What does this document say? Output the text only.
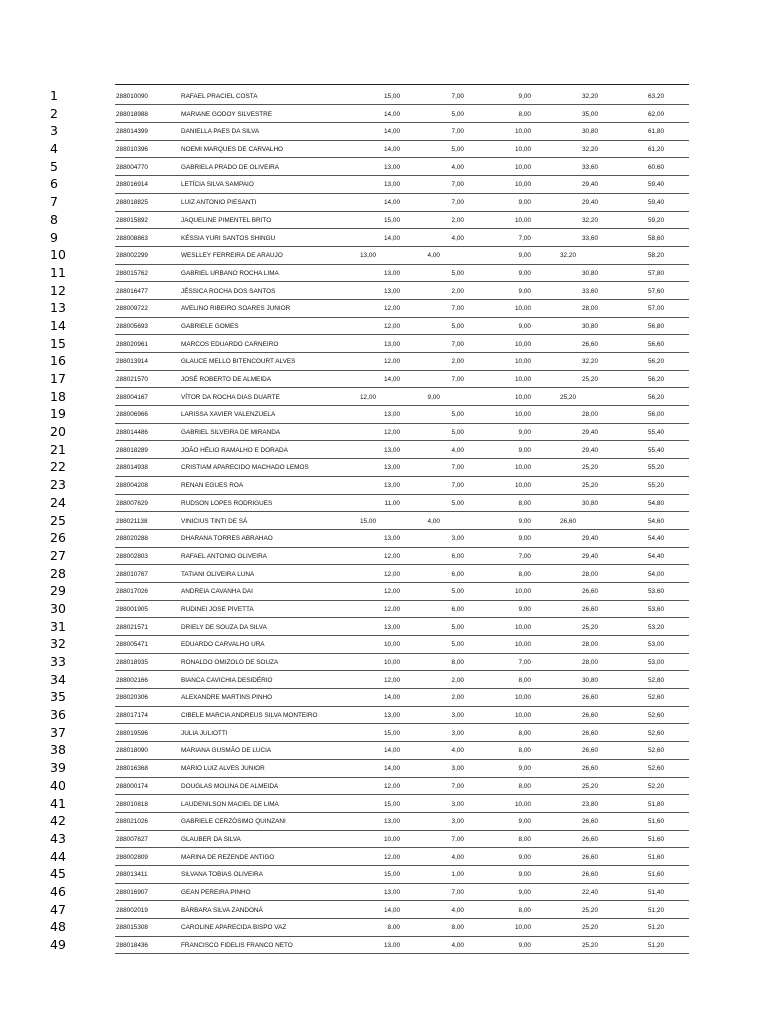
1	288010090	RAFAEL PRACIEL COSTA	15,00	7,00	9,00	32,20	63,20
2	288018988	MARIANE GODOY SILVESTRE	14,00	5,00	8,00	35,00	62,00
3	288014399	DANIELLA PAES DA SILVA	14,00	7,00	10,00	30,80	61,80
4	288010396	NOEMI MARQUES DE CARVALHO	14,00	5,00	10,00	32,20	61,20
5	288004770	GABRIELA PRADO DE OLIVEIRA	13,00	4,00	10,00	33,60	60,60
6	288016914	LETÍCIA SILVA SAMPAIO	13,00	7,00	10,00	29,40	59,40
7	288018825	LUIZ ANTONIO PIESANTI	14,00	7,00	9,00	29,40	59,40
8	288015892	JAQUELINE PIMENTEL BRITO	15,00	2,00	10,00	32,20	59,20
9	288008863	KÉSSIA YURI SANTOS SHINGU	14,00	4,00	7,00	33,60	58,60
10	288002299	WESLLEY FERREIRA DE ARAUJO	13,00	4,00	9,00	32,20	58,20
11	288015762	GABRIEL URBANO ROCHA LIMA	13,00	5,00	9,00	30,80	57,80
12	288016477	JÉSSICA ROCHA DOS SANTOS	13,00	2,00	9,00	33,60	57,60
13	288009722	AVELINO RIBEIRO SOARES JUNIOR	12,00	7,00	10,00	28,00	57,00
14	288005693	GABRIELE GOMES	12,00	5,00	9,00	30,80	56,80
15	288020961	MARCOS EDUARDO CARNEIRO	13,00	7,00	10,00	26,60	56,60
16	288013914	GLAUCE MELLO BITENCOURT ALVES	12,00	2,00	10,00	32,20	56,20
17	288021570	JOSÉ ROBERTO DE ALMEIDA	14,00	7,00	10,00	25,20	56,20
18	288004167	VÍTOR DA ROCHA DIAS DUARTE	12,00	9,00	10,00	25,20	56,20
19	288006966	LARISSA XAVIER VALENZUELA	13,00	5,00	10,00	28,00	56,00
20	288014486	GABRIEL SILVEIRA DE MIRANDA	12,00	5,00	9,00	29,40	55,40
21	288018289	JOÃO HÉLIO RAMALHO E DORADA	13,00	4,00	9,00	29,40	55,40
22	288014938	CRISTIAM APARECIDO MACHADO LEMOS	13,00	7,00	10,00	25,20	55,20
23	288004208	RENAN EGUES ROA	13,00	7,00	10,00	25,20	55,20
24	288007629	RUDSON LOPES RODRIGUES	11,00	5,00	8,00	30,80	54,80
25	288021138	VINICIUS TINTI DE SÁ	15,00	4,00	9,00	26,60	54,60
26	288020288	DHARANA TORRES ABRAHAO	13,00	3,00	9,00	29,40	54,40
27	288002803	RAFAEL ANTONIO OLIVEIRA	12,00	6,00	7,00	29,40	54,40
28	288010767	TATIANI OLIVEIRA LUNA	12,00	6,00	8,00	28,00	54,00
29	288017026	ANDREIA CAVANHA DAI	12,00	5,00	10,00	26,60	53,60
30	288001905	RUDINEI JOSE PIVETTA	12,00	6,00	9,00	26,60	53,60
31	288021571	DRIELY DE SOUZA DA SILVA	13,00	5,00	10,00	25,20	53,20
32	288005471	EDUARDO CARVALHO URA	10,00	5,00	10,00	28,00	53,00
33	288018935	RONALDO OMIZOLO DE SOUZA	10,00	8,00	7,00	28,00	53,00
34	288002166	BIANCA CAVICHIA DESIDÉRIO	12,00	2,00	8,00	30,80	52,80
35	288020306	ALEXANDRE MARTINS PINHO	14,00	2,00	10,00	26,60	52,60
36	288017174	CIBELE MARCIA ANDREUS SILVA MONTEIRO	13,00	3,00	10,00	26,60	52,60
37	288019596	JULIA JULIOTTI	15,00	3,00	8,00	26,60	52,60
38	288018090	MARIANA GUSMÃO DE LUCIA	14,00	4,00	8,00	26,60	52,60
39	288016368	MARIO LUIZ ALVES JUNIOR	14,00	3,00	9,00	26,60	52,60
40	288000174	DOUGLAS MOLINA DE ALMEIDA	12,00	7,00	8,00	25,20	52,20
41	288010818	LAUDENILSON MACIEL DE LIMA	15,00	3,00	10,00	23,80	51,80
42	288021026	GABRIELE CERZÓSIMO QUINZANI	13,00	3,00	9,00	26,60	51,60
43	288007627	GLAUBER DA SILVA	10,00	7,00	8,00	26,60	51,60
44	288002809	MARINA DE REZENDE ANTIGO	12,00	4,00	9,00	26,60	51,60
45	288013411	SILVANA TOBIAS OLIVEIRA	15,00	1,00	9,00	26,60	51,60
46	288016907	GEAN PEREIRA PINHO	13,00	7,00	9,00	22,40	51,40
47	288002019	BÁRBARA SILVA ZANDONÁ	14,00	4,00	8,00	25,20	51,20
48	288015308	CAROLINE APARECIDA BISPO VAZ	8,00	8,00	10,00	25,20	51,20
49	288018436	FRANCISCO FIDELIS FRANCO NETO	13,00	4,00	9,00	25,20	51,20
